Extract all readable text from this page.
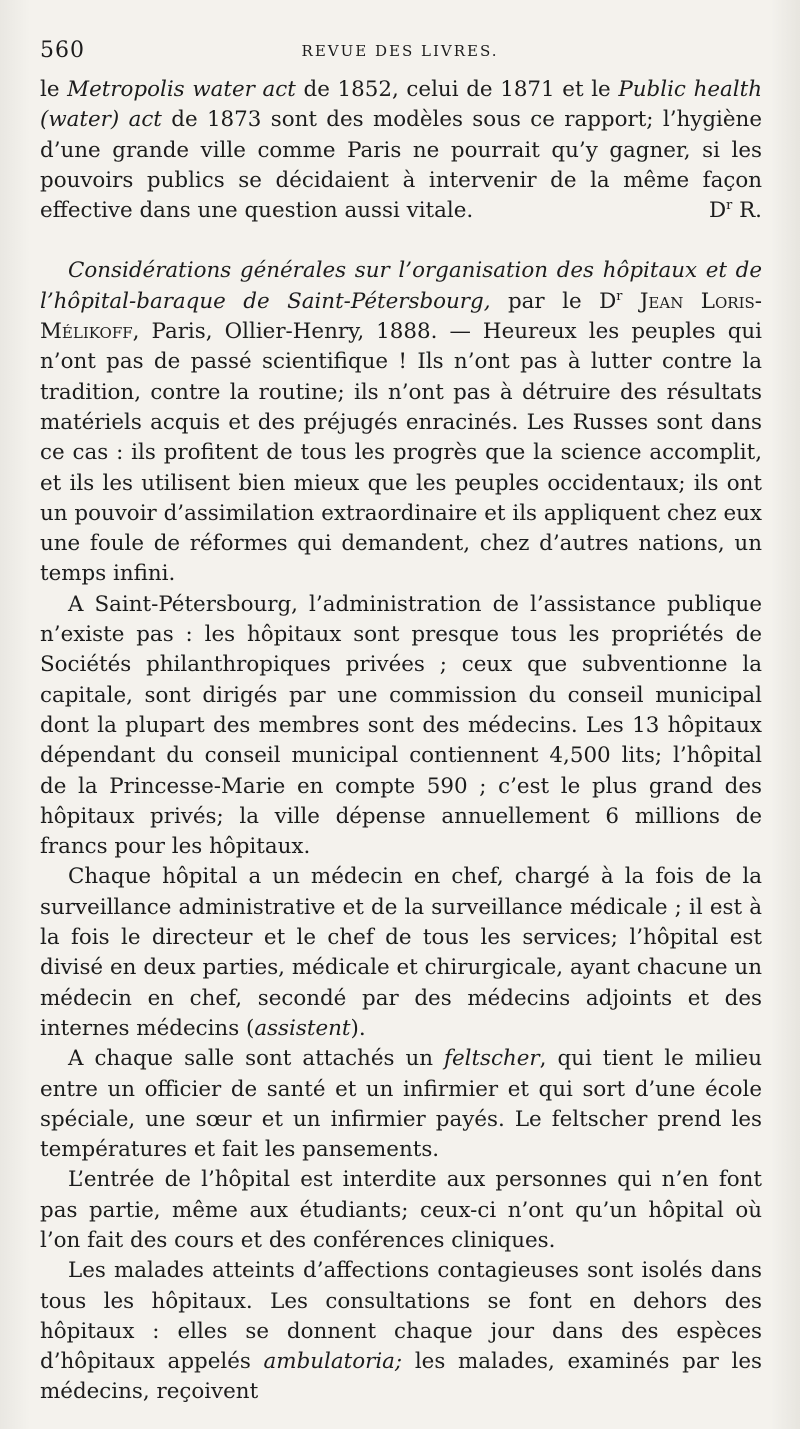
560	REVUE DES LIVRES.

le Metropolis water act de 1852, celui de 1871 et le Public health (water) act de 1873 sont des modèles sous ce rapport; l’hygiène d’une grande ville comme Paris ne pourrait qu’y gagner, si les pouvoirs publics se décidaient à intervenir de la même façon effective dans une question aussi vitale.	$D^r$ R.

Considérations générales sur l’organisation des hôpitaux et de l’hôpital-baraque de Saint-Pétersbourg, par le $D^r$ Jean Loris-Mélikoff, Paris, Ollier-Henry, 1888. — Heureux les peuples qui n’ont pas de passé scientifique ! Ils n’ont pas à lutter contre la tradition, contre la routine; ils n’ont pas à détruire des résultats matériels acquis et des préjugés enracinés. Les Russes sont dans ce cas : ils profitent de tous les progrès que la science accomplit, et ils les utilisent bien mieux que les peuples occidentaux; ils ont un pouvoir d’assimilation extraordinaire et ils appliquent chez eux une foule de réformes qui demandent, chez d’autres nations, un temps infini.

A Saint-Pétersbourg, l’administration de l’assistance publique n’existe pas : les hôpitaux sont presque tous les propriétés de Sociétés philanthropiques privées ; ceux que subventionne la capitale, sont dirigés par une commission du conseil municipal dont la plupart des membres sont des médecins. Les 13 hôpitaux dépendant du conseil municipal contiennent 4,500 lits; l’hôpital de la Princesse-Marie en compte 590 ; c’est le plus grand des hôpitaux privés; la ville dépense annuellement 6 millions de francs pour les hôpitaux.

Chaque hôpital a un médecin en chef, chargé à la fois de la surveillance administrative et de la surveillance médicale ; il est à la fois le directeur et le chef de tous les services; l’hôpital est divisé en deux parties, médicale et chirurgicale, ayant chacune un médecin en chef, secondé par des médecins adjoints et des internes médecins (assistent).

A chaque salle sont attachés un feltscher, qui tient le milieu entre un officier de santé et un infirmier et qui sort d’une école spéciale, une sœur et un infirmier payés. Le feltscher prend les températures et fait les pansements.

L’entrée de l’hôpital est interdite aux personnes qui n’en font pas partie, même aux étudiants; ceux-ci n’ont qu’un hôpital où l’on fait des cours et des conférences cliniques.

Les malades atteints d’affections contagieuses sont isolés dans tous les hôpitaux. Les consultations se font en dehors des hôpitaux : elles se donnent chaque jour dans des espèces d’hôpitaux appelés ambulatoria; les malades, examinés par les médecins, reçoivent
